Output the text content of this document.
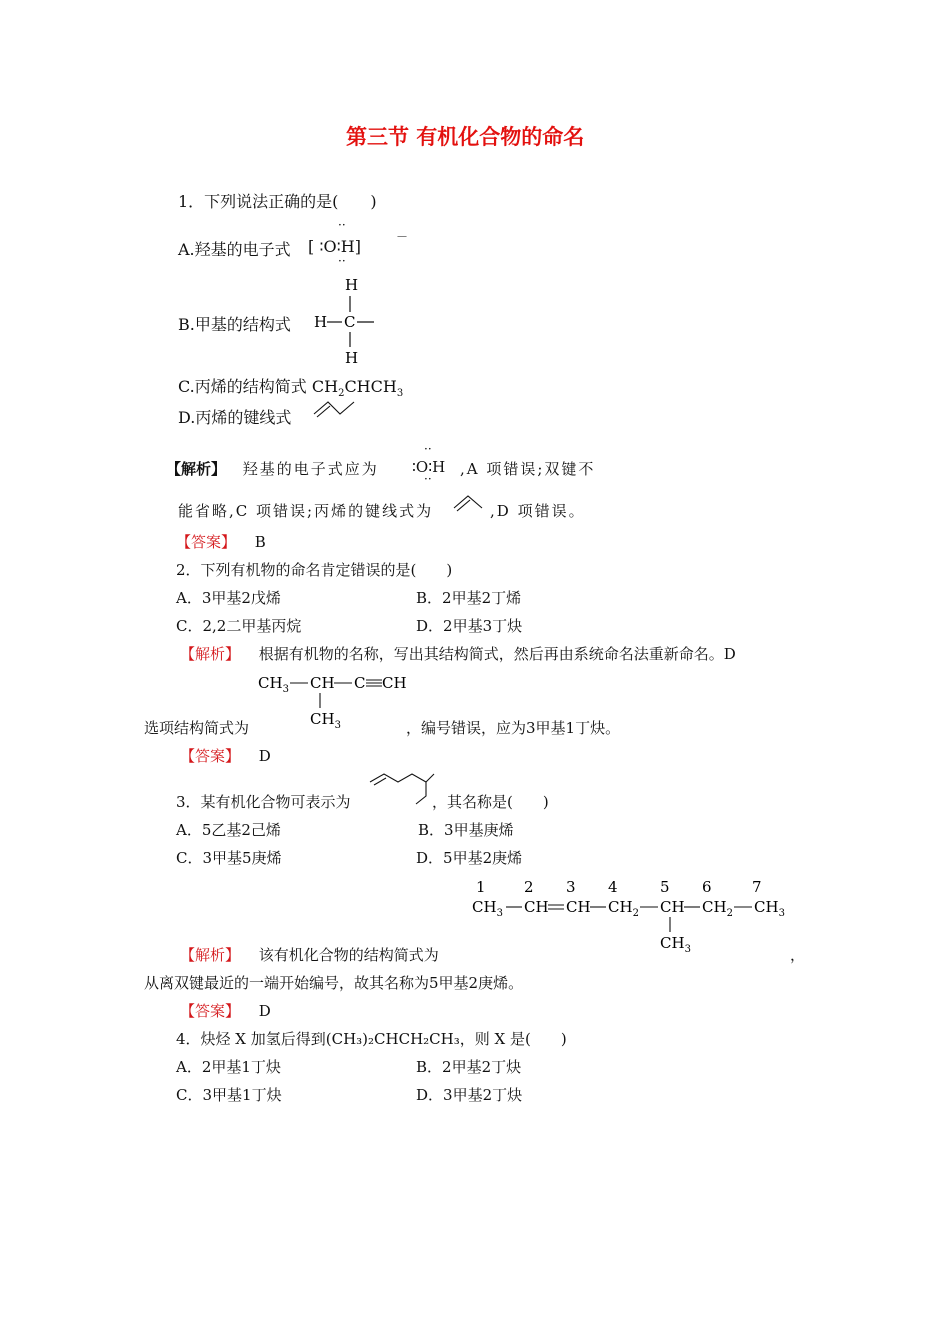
第三节 有机化合物的命名
1．下列说法正确的是(　　)
A.羟基的电子式 [ ∶O∶H]	－
··
··
B.甲基的结构式
H
H C
H
C.丙烯的结构简式 $CH_2CHCH_3$
D.丙烯的键线式
【解析】 羟基的电子式应为 ∶O∶H
··
··
,A 项错误;双键不
能省略,C 项错误;丙烯的键线式为	,D 项错误。
【答案】 B
2．下列有机物的命名肯定错误的是(　　)
A．3甲基2戊烯	B．2甲基2丁烯
C．2,2二甲基丙烷	D．2甲基3丁炔
【解析】 根据有机物的名称，写出其结构简式，然后再由系统命名法重新命名。D
$CH_3$ CH C CH
$CH_3$
选项结构简式为	，编号错误，应为3甲基1丁炔。
【答案】 D
3．某有机化合物可表示为	，其名称是(　　)
A．5乙基2己烯	B．3甲基庚烯
C．3甲基5庚烯	D．5甲基2庚烯
1	2 3 4	5 6	7
$CH_3$ CH CH $CH_2$ CH $CH_2$ $CH_3$
$CH_3$
【解析】 该有机化合物的结构简式为	，
从离双键最近的一端开始编号，故其名称为5甲基2庚烯。
【答案】 D
4．炔烃 X 加氢后得到(CH₃)₂CHCH₂CH₃，则 X 是(　　)
A．2甲基1丁炔	B．2甲基2丁炔
C．3甲基1丁炔	D．3甲基2丁炔
